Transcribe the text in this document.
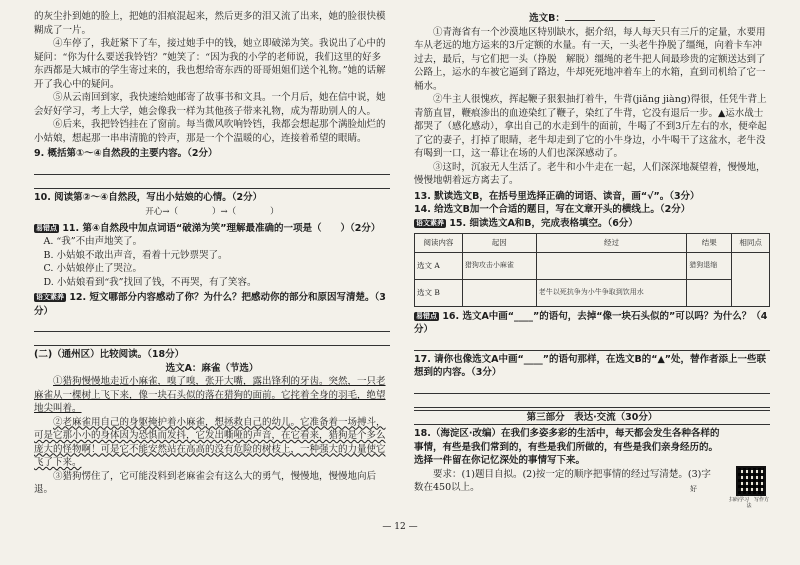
的灰尘扑到她的脸上，把她的泪痕混起来，然后更多的泪又流了出来，她的脸很快模糊成了一片。

④车停了，我赶紧下了车，接过她手中的钱，她立即破涕为笑。我说出了心中的疑问：“你为什么要送我铃铛？”她笑了：“因为我的小学的老师说，我们这里的好多东西都是大城市的学生寄过来的，我也想给寄东西的哥哥姐姐们送个礼物。”她的话解开了我心中的疑问。

⑤从云南回到家，我快速给她邮寄了故事书和文具。一个月后，她在信中说，她会好好学习，考上大学，她会像我一样为其他孩子带来礼物，成为帮助别人的人。

⑥后来，我把铃铛挂在了窗前。每当微风吹响铃铛，我都会想起那个满脸灿烂的小姑娘，想起那一串串清脆的铃声，那是一个个温暖的心，连接着希望的眼睛。

9. 概括第①～④自然段的主要内容。（2分）

10. 阅读第②～④自然段，写出小姑娘的心情。（2分）

开心→（　　　　）→（　　　　）

易错点 11. 第④自然段中加点词语“破涕为笑”理解最准确的一项是（　　）（2分）

A. “我”不由声地笑了。

B. 小姑娘不敢出声音，看着十元钞票哭了。

C. 小姑娘停止了哭泣。

D. 小姑娘看到“我”找回了钱，不再哭，有了笑容。

语文素养 12. 短文哪部分内容感动了你？为什么？把感动你的部分和原因写清楚。（3分）

(二)（通州区）比较阅读。（18分）

选文A：麻雀（节选）

①猎狗慢慢地走近小麻雀，嗅了嗅，张开大嘴，露出锋利的牙齿。突然，一只老麻雀从一棵树上飞下来，像一块石头似的落在猎狗的面前。它挓着全身的羽毛，绝望地尖叫着。

②老麻雀用自己的身躯掩护着小麻雀，想拯救自己的幼儿。它准备着一场搏斗，可是它那小小的身体因为恐惧而发抖，它发出嘶哑的声音，在它看来，猎狗是个多么庞大的怪物啊！可是它不能安然站在高高的没有危险的树枝上，一种强大的力量使它飞了下来。

③猎狗愣住了，它可能没料到老麻雀会有这么大的勇气，慢慢地，慢慢地向后退。

选文B：

①青海省有一个沙漠地区特别缺水，据介绍，每人每天只有三斤的定量，水要用车从老远的地方运来的3斤定额的水量。有一天，一头老牛挣脱了缰绳，向着卡车冲过去，最后，与它们把一头（挣脱　解脱）缰绳的老牛把人间最珍贵的定额送达到了公路上，运水的车被它逼到了路边，牛却死死地冲着车上的水箱，直到司机给了它一桶水。

②牛主人很愧疚，挥起鞭子狠狠抽打着牛，牛背(jiǎng jiàng)得很，任凭牛背上青筋直冒，鞭痕渗出的血迹染红了鞭子，染红了牛背，它没有退后一步。▲运水战士都哭了（感化感动），拿出自己的水走到牛的面前，牛喝了不到3斤左右的水，便牵起了它的妻子，打掉了眼睛，老牛却走到了它的小牛身边，小牛喝干了这盆水，老牛没有喝到一口，这一幕让在场的人们也深深感动了。

③这时，沉寂无人生活了。老牛和小牛走在一起，人们深深地凝望着，慢慢地，慢慢地朝着远方离去了。

13. 默读选文B，在括号里选择正确的词语、读音，画“√”。（3分）

14. 给选文B加一个合适的题目，写在文章开头的横线上。（2分）

语文素养 15. 细读选文A和B，完成表格填空。（6分）

阅读内容	起因	经过	结果	相同点
选文 A	猎狗攻击小麻雀		猎狗退缩	
选文 B		老牛以死抗争为小牛争取到饮用水		

易错点 16. 选文A中画“____”的语句，去掉“像一块石头似的”可以吗？为什么？（4分）

17. 请你也像选文A中画“____”的语句那样，在选文B的“▲”处，替作者添上一些联想到的内容。（3分）

第三部分　表达·交流（30分）

18.（海淀区·改编）在我们多姿多彩的生活中，每天都会发生各种各样的事情，有些是我们常到的，有些是我们所做的，有些是我们亲身经历的。选择一件留在你记忆深处的事情写下来。

要求：(1)题目自拟。(2)按一定的顺序把事情的经过写清楚。(3)字数在450以上。	好
扫码学习　写作方法
— 12 —
